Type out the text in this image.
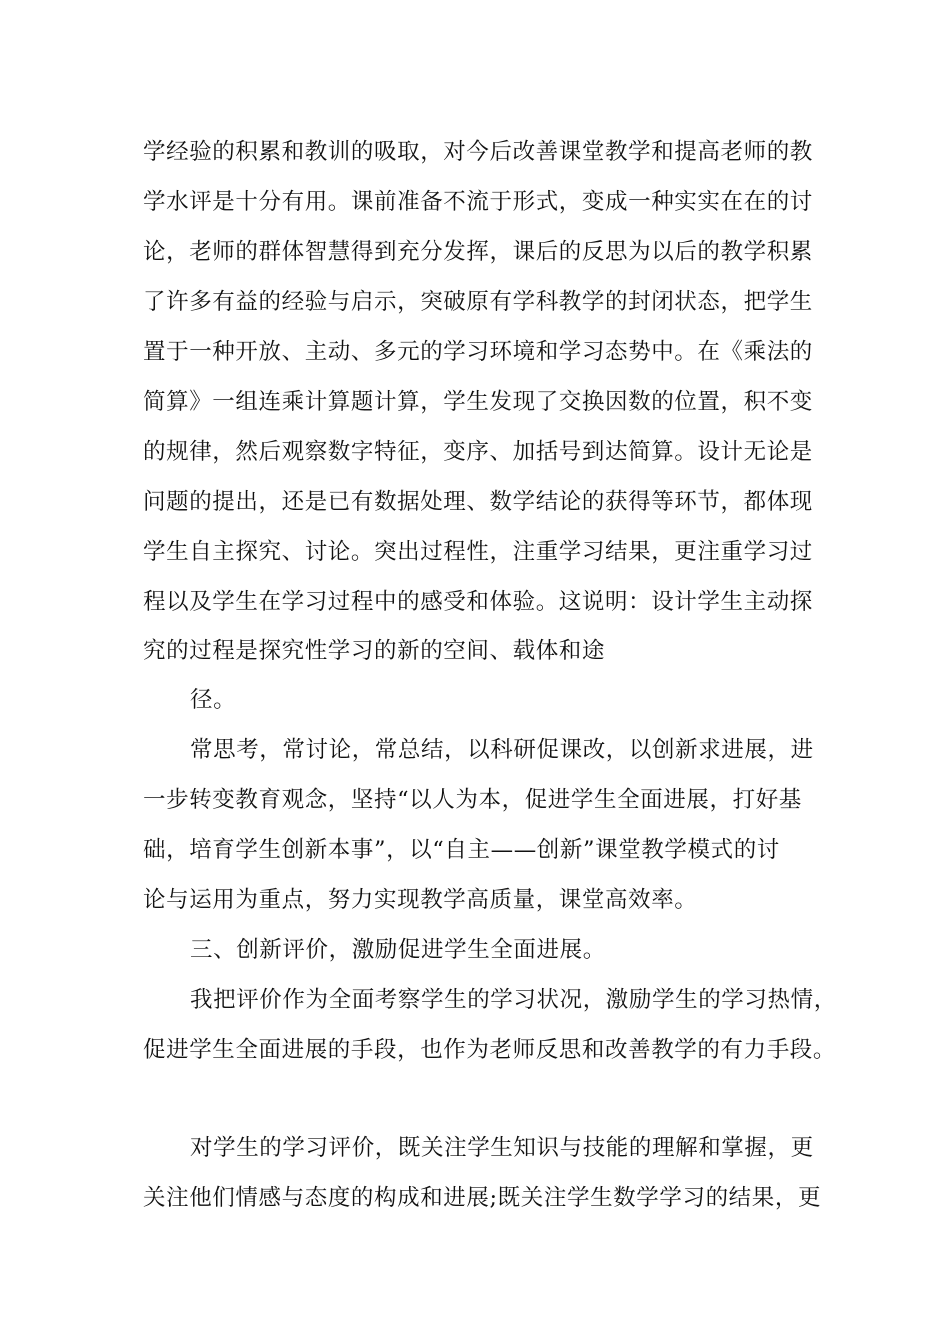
学经验的积累和教训的吸取，对今后改善课堂教学和提高老师的教
学水评是十分有用。课前准备不流于形式，变成一种实实在在的讨
论，老师的群体智慧得到充分发挥，课后的反思为以后的教学积累
了许多有益的经验与启示，突破原有学科教学的封闭状态，把学生
置于一种开放、主动、多元的学习环境和学习态势中。在《乘法的
简算》一组连乘计算题计算，学生发现了交换因数的位置，积不变
的规律，然后观察数字特征，变序、加括号到达简算。设计无论是
问题的提出，还是已有数据处理、数学结论的获得等环节，都体现
学生自主探究、讨论。突出过程性，注重学习结果，更注重学习过
程以及学生在学习过程中的感受和体验。这说明：设计学生主动探
究的过程是探究性学习的新的空间、载体和途
径。
常思考，常讨论，常总结，以科研促课改，以创新求进展，进
一步转变教育观念，坚持“以人为本，促进学生全面进展，打好基
础，培育学生创新本事”，以“自主——创新”课堂教学模式的讨
论与运用为重点，努力实现教学高质量，课堂高效率。
三、创新评价，激励促进学生全面进展。
我把评价作为全面考察学生的学习状况，激励学生的学习热情，
促进学生全面进展的手段，也作为老师反思和改善教学的有力手段。
对学生的学习评价，既关注学生知识与技能的理解和掌握，更
关注他们情感与态度的构成和进展;既关注学生数学学习的结果，更
